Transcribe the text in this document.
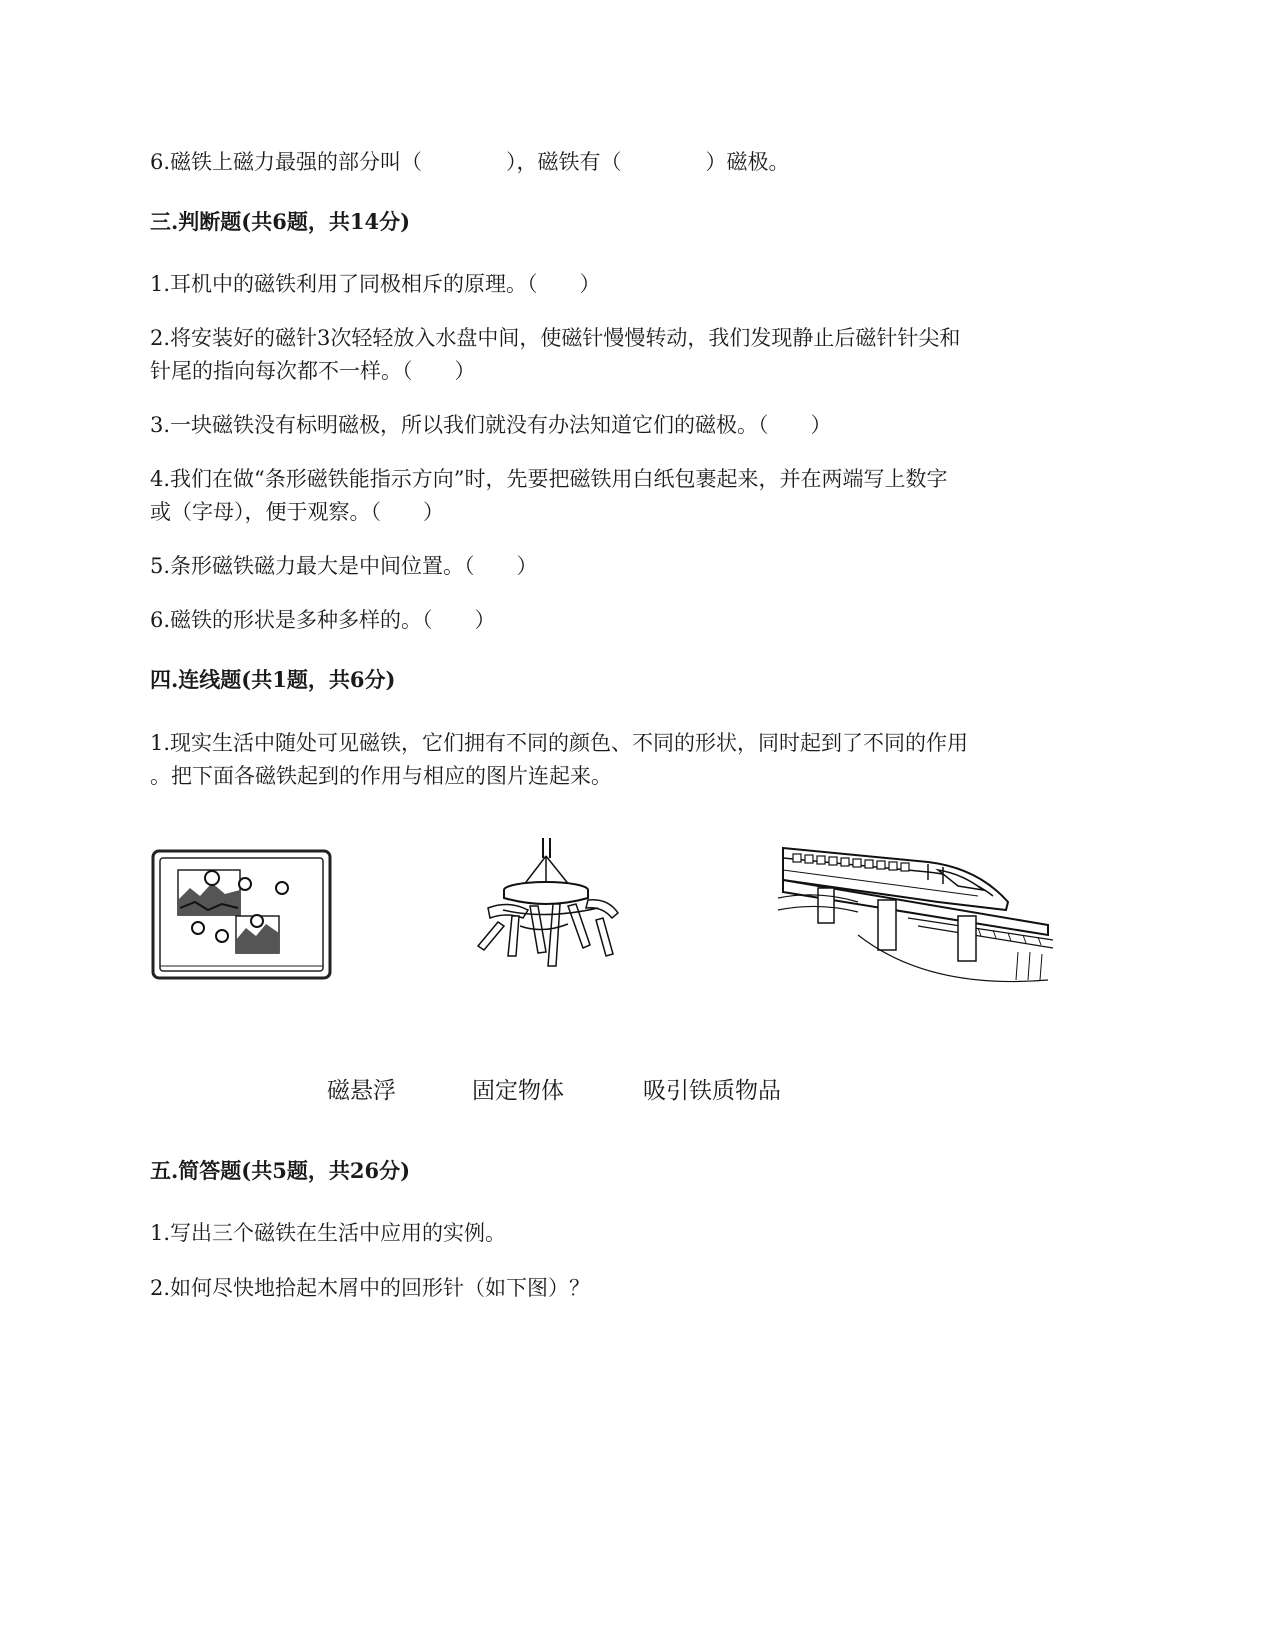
6.磁铁上磁力最强的部分叫（　　　　），磁铁有（　　　　）磁极。

三.判断题(共6题，共14分)

1.耳机中的磁铁利用了同极相斥的原理。（　　）

2.将安装好的磁针3次轻轻放入水盘中间，使磁针慢慢转动，我们发现静止后磁针针尖和

针尾的指向每次都不一样。（　　）

3.一块磁铁没有标明磁极，所以我们就没有办法知道它们的磁极。（　　）

4.我们在做“条形磁铁能指示方向”时，先要把磁铁用白纸包裹起来，并在两端写上数字

或（字母），便于观察。（　　）

5.条形磁铁磁力最大是中间位置。（　　）

6.磁铁的形状是多种多样的。（　　）

四.连线题(共1题，共6分)

1.现实生活中随处可见磁铁，它们拥有不同的颜色、不同的形状，同时起到了不同的作用

。把下面各磁铁起到的作用与相应的图片连起来。

磁悬浮	固定物体	吸引铁质物品

五.简答题(共5题，共26分)

1.写出三个磁铁在生活中应用的实例。

2.如何尽快地拾起木屑中的回形针（如下图）？
